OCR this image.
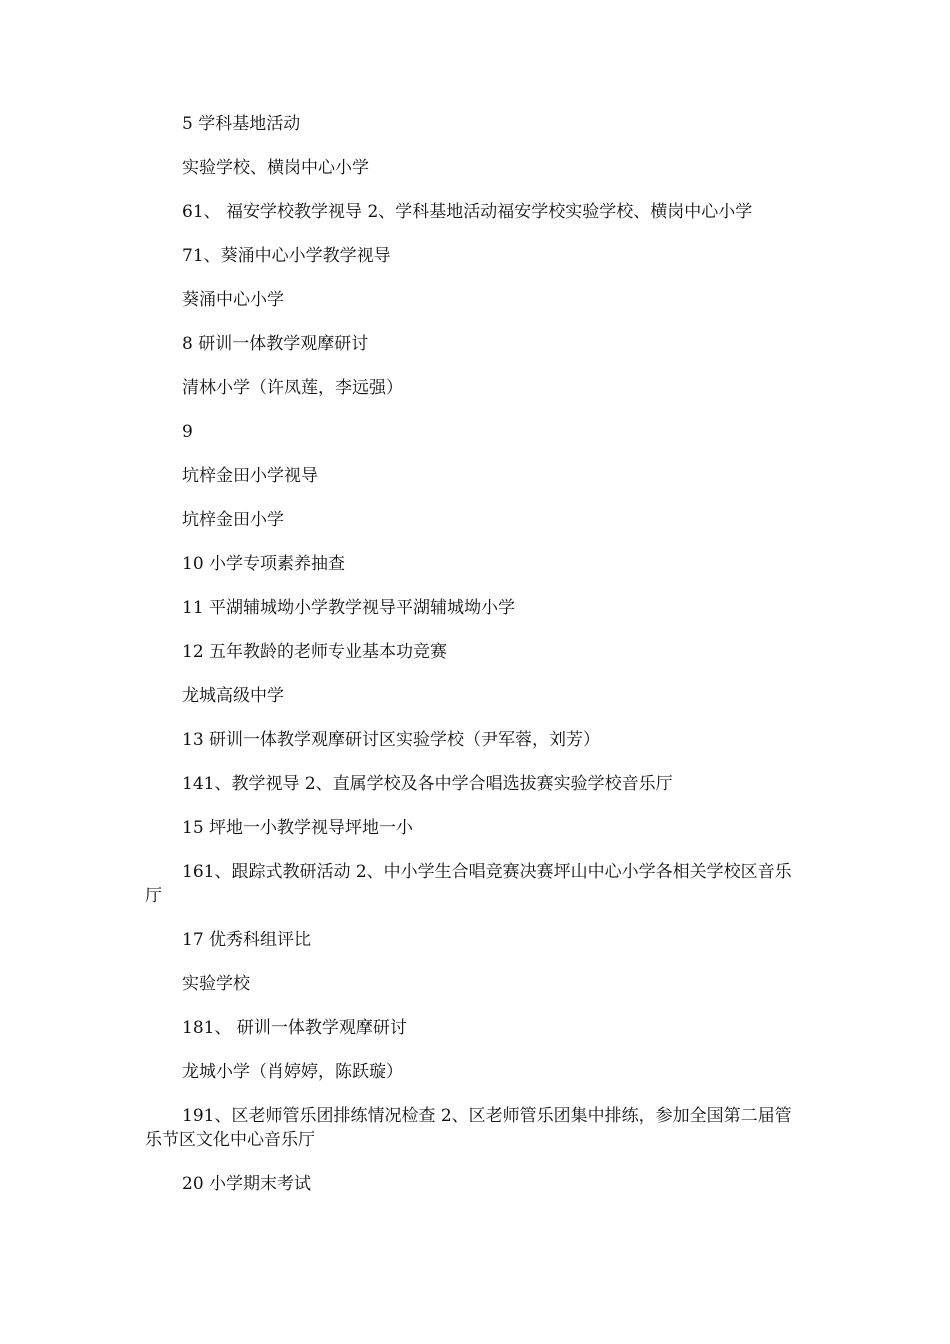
5 学科基地活动

实验学校、横岗中心小学

61、 福安学校教学视导 2、学科基地活动福安学校实验学校、横岗中心小学

71、葵涌中心小学教学视导

葵涌中心小学

8 研训一体教学观摩研讨

清林小学（许凤莲，李远强）

9

坑梓金田小学视导

坑梓金田小学

10 小学专项素养抽查

11 平湖辅城坳小学教学视导平湖辅城坳小学

12 五年教龄的老师专业基本功竞赛

龙城高级中学

13 研训一体教学观摩研讨区实验学校（尹军蓉，刘芳）

141、教学视导 2、直属学校及各中学合唱选拔赛实验学校音乐厅

15 坪地一小教学视导坪地一小

161、跟踪式教研活动 2、中小学生合唱竞赛决赛坪山中心小学各相关学校区音乐厅

17 优秀科组评比

实验学校

181、 研训一体教学观摩研讨

龙城小学（肖婷婷，陈跃璇）

191、区老师管乐团排练情况检查 2、区老师管乐团集中排练，参加全国第二届管乐节区文化中心音乐厅

20 小学期末考试
